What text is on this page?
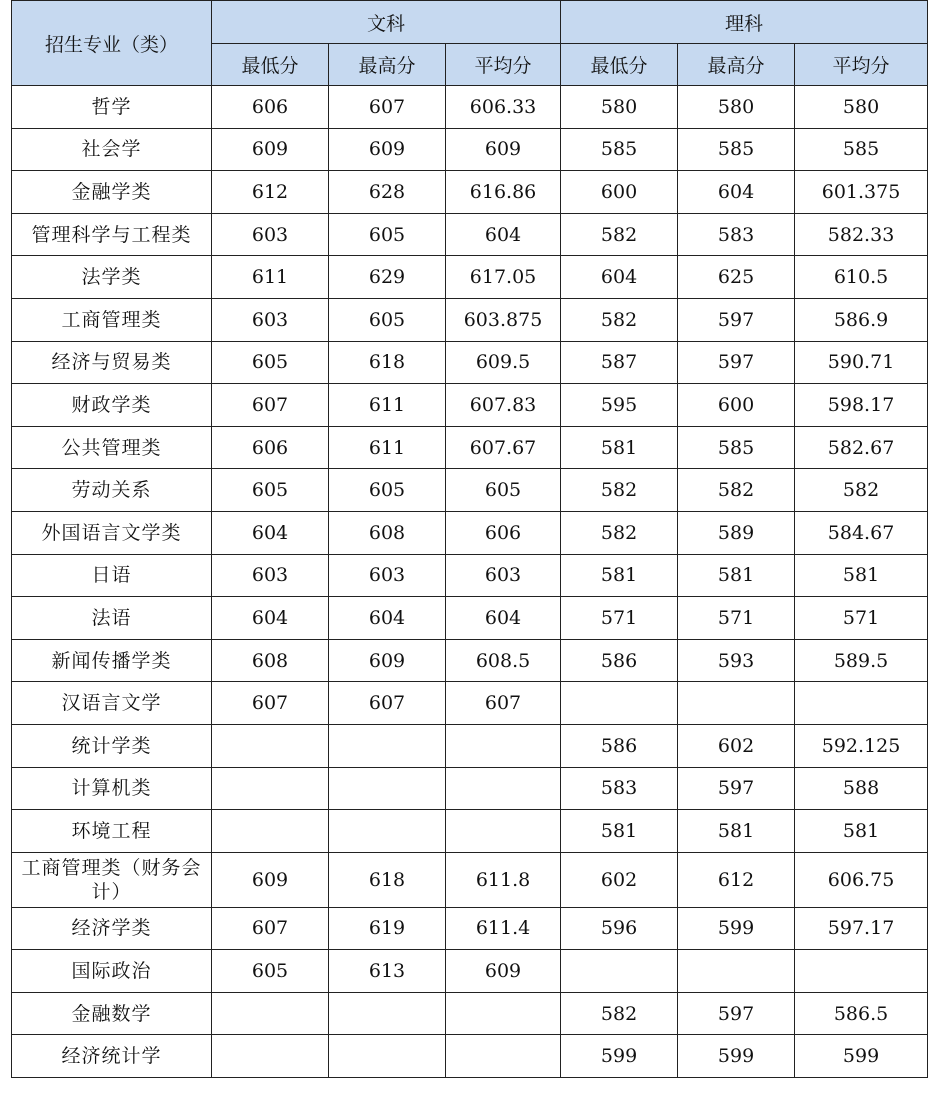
招生专业（类）	文科			理科		
	最低分	最高分	平均分	最低分	最高分	平均分
哲学	606	607	606.33	580	580	580
社会学	609	609	609	585	585	585
金融学类	612	628	616.86	600	604	601.375
管理科学与工程类	603	605	604	582	583	582.33
法学类	611	629	617.05	604	625	610.5
工商管理类	603	605	603.875	582	597	586.9
经济与贸易类	605	618	609.5	587	597	590.71
财政学类	607	611	607.83	595	600	598.17
公共管理类	606	611	607.67	581	585	582.67
劳动关系	605	605	605	582	582	582
外国语言文学类	604	608	606	582	589	584.67
日语	603	603	603	581	581	581
法语	604	604	604	571	571	571
新闻传播学类	608	609	608.5	586	593	589.5
汉语言文学	607	607	607			
统计学类				586	602	592.125
计算机类				583	597	588
环境工程				581	581	581
工商管理类（财务会计）	609	618	611.8	602	612	606.75
经济学类	607	619	611.4	596	599	597.17
国际政治	605	613	609			
金融数学				582	597	586.5
经济统计学				599	599	599
